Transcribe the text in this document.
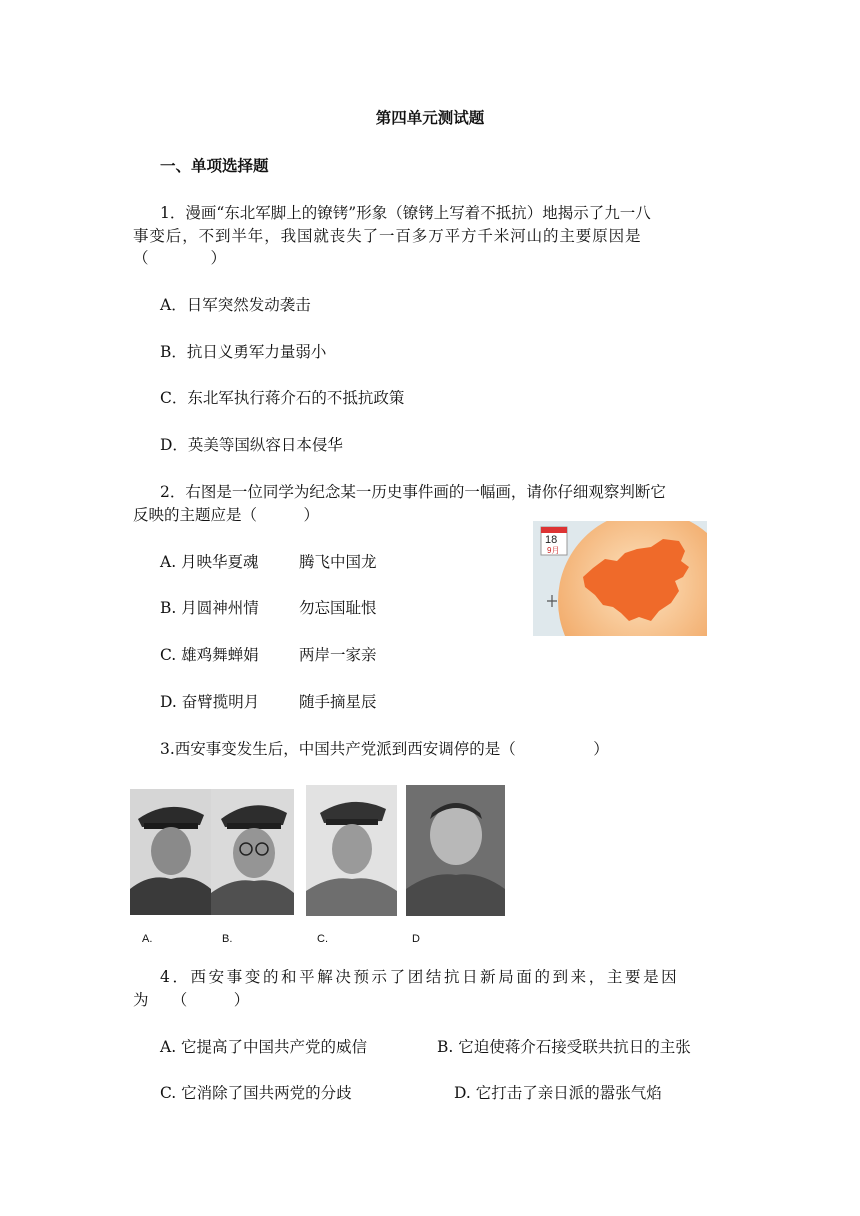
第四单元测试题
一、单项选择题
1．漫画“东北军脚上的镣铐”形象（镣铐上写着不抵抗）地揭示了九一八
事变后，不到半年，我国就丧失了一百多万平方千米河山的主要原因是
（　　　　）
A．日军突然发动袭击
B．抗日义勇军力量弱小
C．东北军执行蒋介石的不抵抗政策
D．英美等国纵容日本侵华
2．右图是一位同学为纪念某一历史事件画的一幅画，请你仔细观察判断它
反映的主题应是（　　　）
A. 月映华夏魂	腾飞中国龙
B. 月圆神州情	勿忘国耻恨
C. 雄鸡舞蝉娟	两岸一家亲
D. 奋臂揽明月	随手摘星辰
18
9月
3.西安事变发生后，中国共产党派到西安调停的是（　　　　　）
A.	B.	C.	D
4．西安事变的和平解决预示了团结抗日新局面的到来，主要是因
为　　（　　　）
A. 它提高了中国共产党的威信	B. 它迫使蒋介石接受联共抗日的主张
C. 它消除了国共两党的分歧	D. 它打击了亲日派的嚣张气焰
